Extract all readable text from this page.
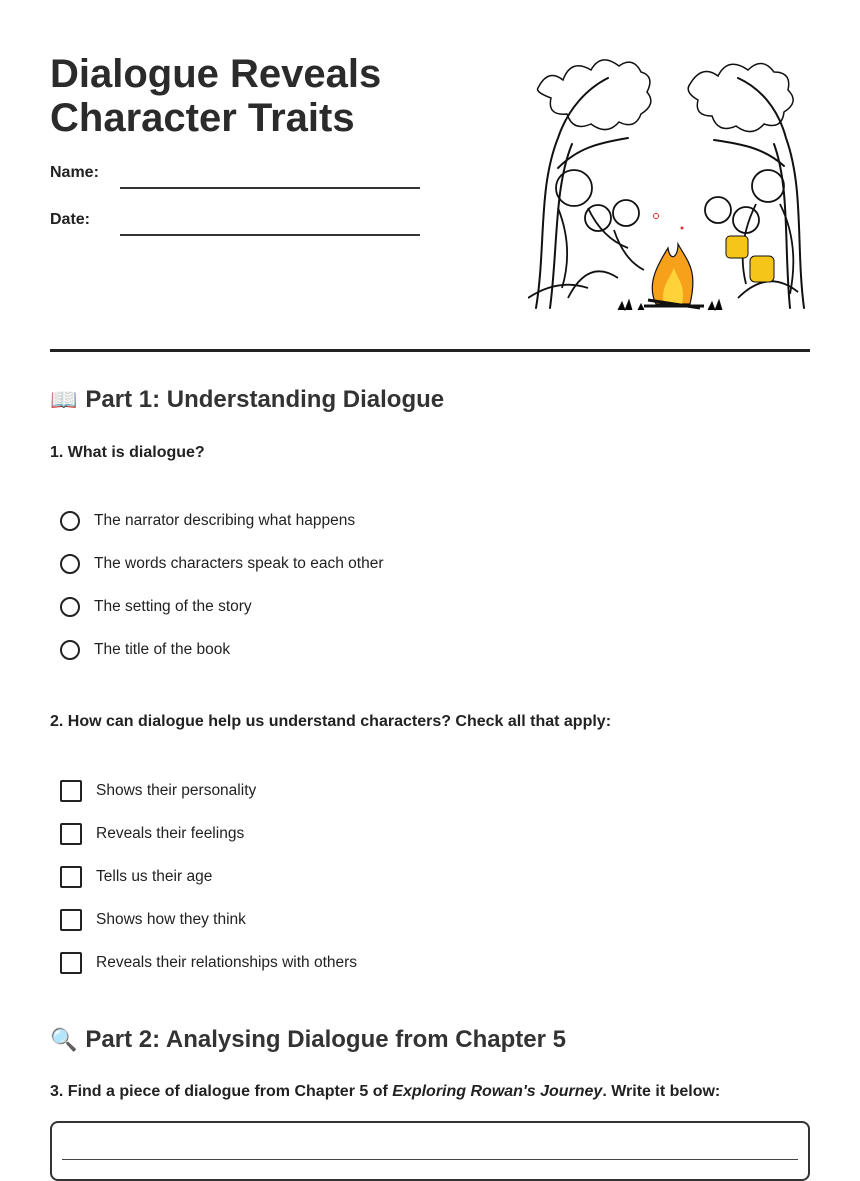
Dialogue Reveals
Character Traits
Name:
Date:
📖 Part 1: Understanding Dialogue

1. What is dialogue?

The narrator describing what happens
The words characters speak to each other
The setting of the story
The title of the book

2. How can dialogue help us understand characters? Check all that apply:

Shows their personality
Reveals their feelings
Tells us their age
Shows how they think
Reveals their relationships with others
🔍 Part 2: Analysing Dialogue from Chapter 5

3. Find a piece of dialogue from Chapter 5 of Exploring Rowan's Journey. Write it below:
